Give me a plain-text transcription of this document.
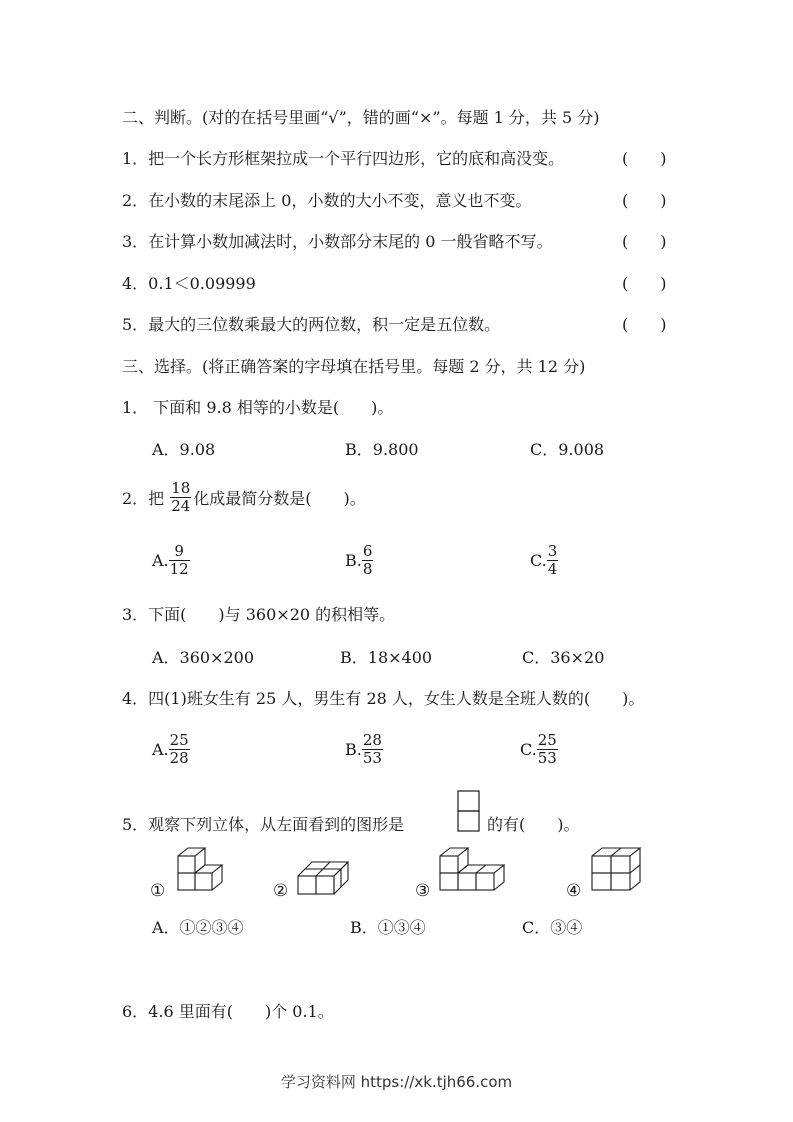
二、判断。(对的在括号里画“√”，错的画“×”。每题 1 分，共 5 分)
1．把一个长方形框架拉成一个平行四边形，它的底和高没变。	(　　)
2．在小数的末尾添上 0，小数的大小不变，意义也不变。	(　　)
3．在计算小数加减法时，小数部分末尾的 0 一般省略不写。	(　　)
4．0.1＜0.09999	(　　)
5．最大的三位数乘最大的两位数，积一定是五位数。	(　　)
三、选择。(将正确答案的字母填在括号里。每题 2 分，共 12 分)
1． 下面和 9.8 相等的小数是(　　)。
A．9.08	B．9.800	C．9.008
2．把 $\frac{18}{24}$ 化成最简分数是(　　)。
A. $\frac{9}{12}$	B. $\frac{6}{8}$	C. $\frac{3}{4}$
3．下面(　　)与 360×20 的积相等。
A．360×200	B．18×400	C．36×20
4．四(1)班女生有 25 人，男生有 28 人，女生人数是全班人数的(　　)。
A. $\frac{25}{28}$	B. $\frac{28}{53}$	C. $\frac{25}{53}$
5．观察下列立体，从左面看到的图形是	的有(　　)。
①	②	③	④
A．①②③④	B．①③④	C．③④
6．4.6 里面有(　　)个 0.1。
学习资料网 https://xk.tjh66.com
